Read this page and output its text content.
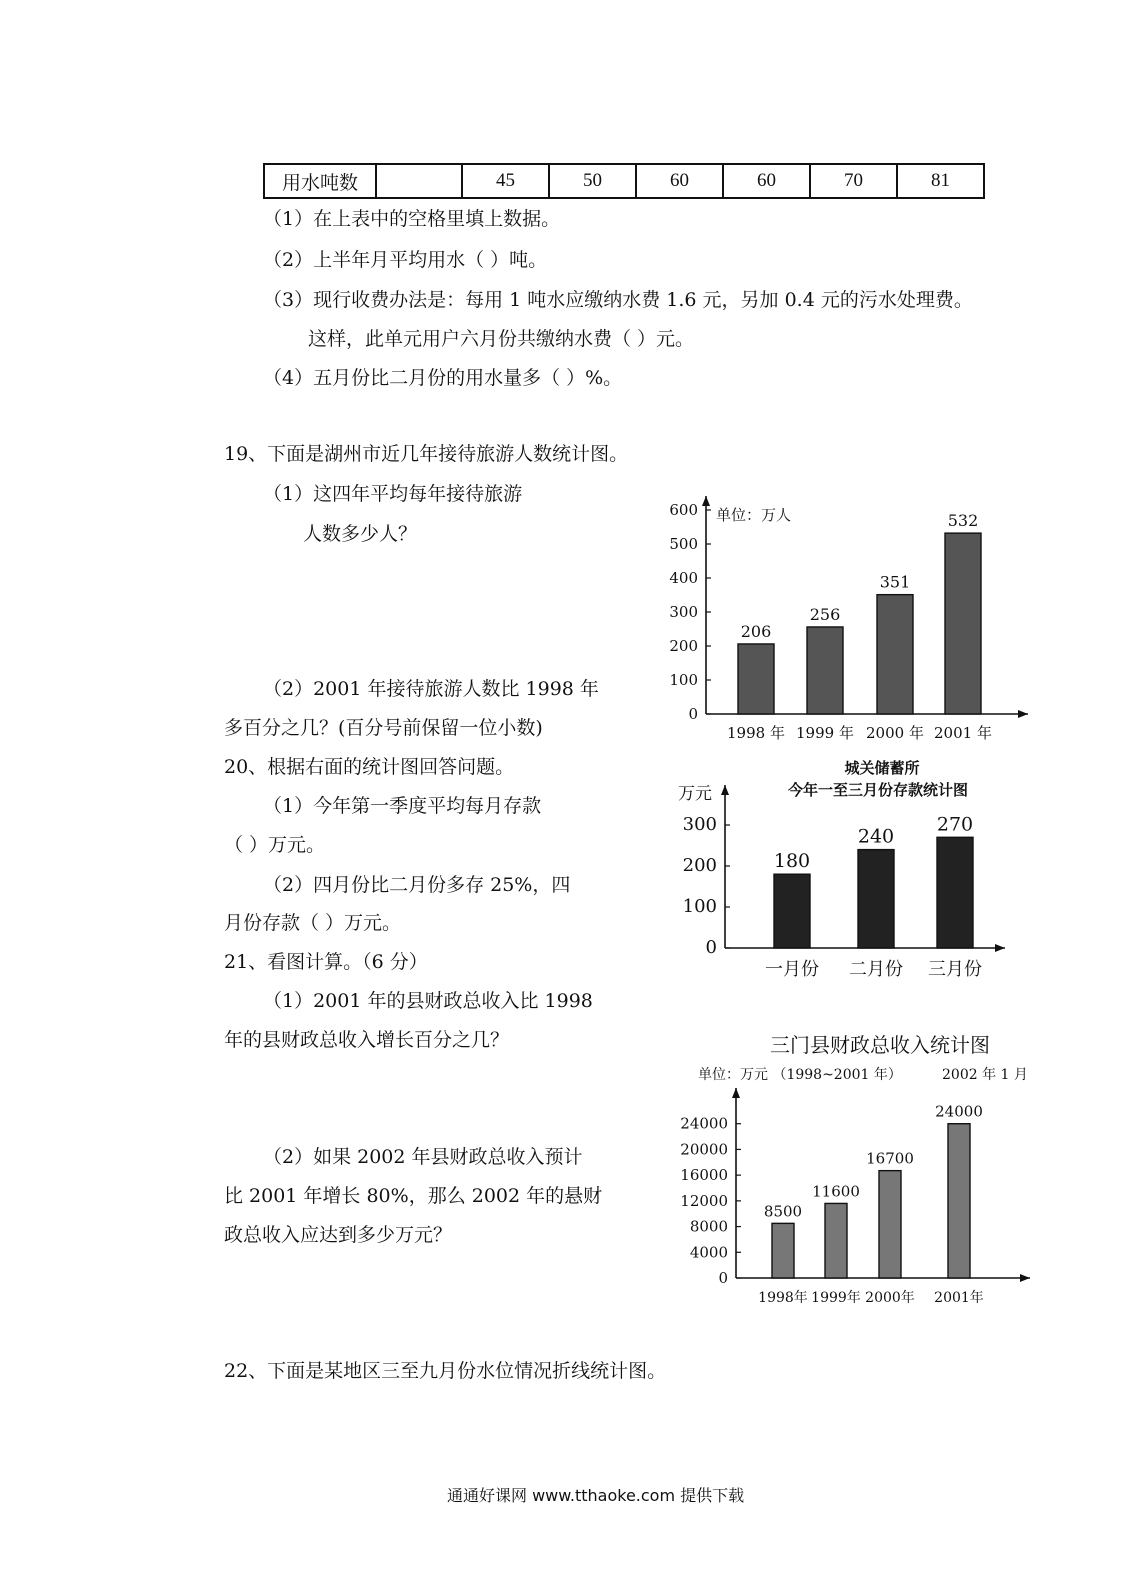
用水吨数		45	50	60	60	70	81
（1）在上表中的空格里填上数据。
（2）上半年月平均用水（ ）吨。
（3）现行收费办法是：每用 1 吨水应缴纳水费 1.6 元，另加 0.4 元的污水处理费。
这样，此单元用户六月份共缴纳水费（ ）元。
（4）五月份比二月份的用水量多（ ）%。
19、下面是湖州市近几年接待旅游人数统计图。
（1）这四年平均每年接待旅游
人数多少人？
（2）2001 年接待旅游人数比 1998 年
多百分之几？(百分号前保留一位小数)
20、根据右面的统计图回答问题。
（1）今年第一季度平均每月存款
（ ）万元。
（2）四月份比二月份多存 25%，四
月份存款（ ）万元。
21、看图计算。（6 分）
（1）2001 年的县财政总收入比 1998
年的县财政总收入增长百分之几？
（2）如果 2002 年县财政总收入预计
比 2001 年增长 80%，那么 2002 年的悬财
政总收入应达到多少万元？
22、下面是某地区三至九月份水位情况折线统计图。
通通好课网 www.tthaoke.com 提供下载
单位：万人
0
100
200
300
400
500
600
206
1998 年
256
1999 年
351
2000 年
532
2001 年
城关储蓄所
今年一至三月份存款统计图
万元
0
100
200
300
180
一月份
240
二月份
270
三月份
三门县财政总收入统计图
单位：万元 （1998~2001 年）	2002 年 1 月
0
4000
8000
12000
16000
20000
24000
8500
1998年
11600
1999年
16700
2000年
24000
2001年
